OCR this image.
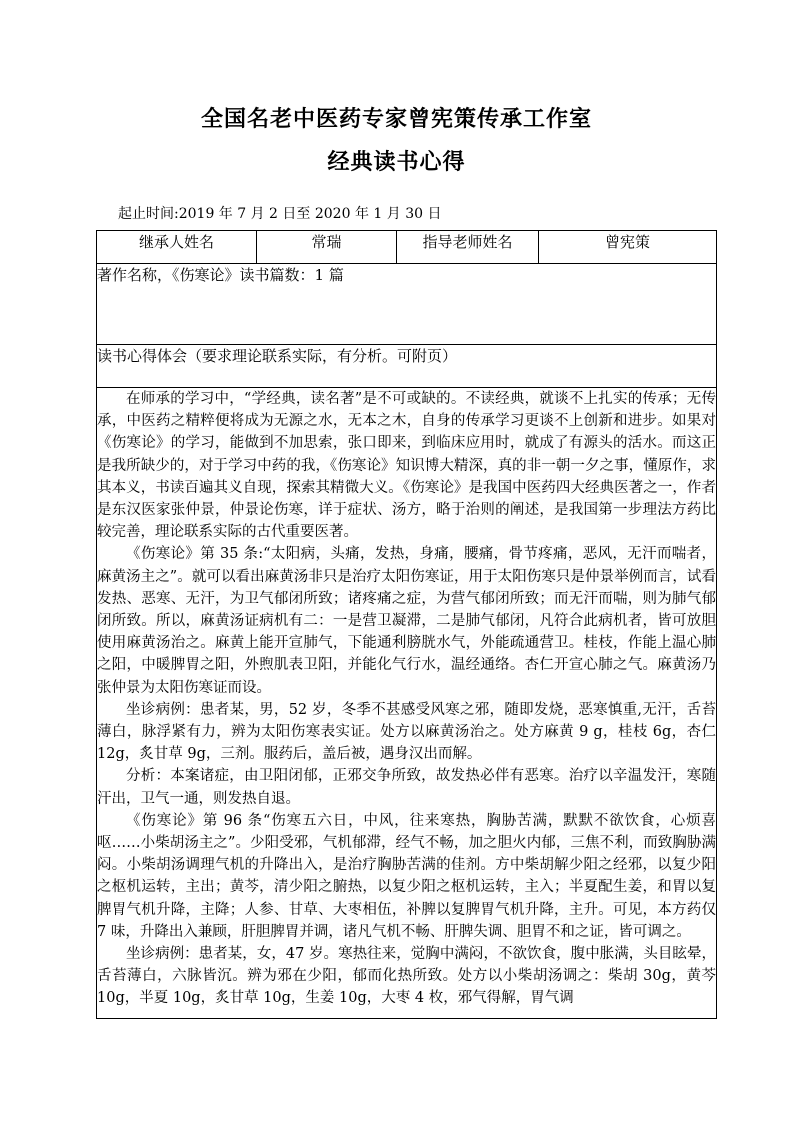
全国名老中医药专家曾宪策传承工作室
经典读书心得
起止时间:2019 年 7 月 2 日至 2020 年 1 月 30 日
继承人姓名	常瑞	指导老师姓名	曾宪策
著作名称，《伤寒论》读书篇数：1 篇
读书心得体会（要求理论联系实际，有分析。可附页）

在师承的学习中，“学经典，读名著”是不可或缺的。不读经典，就谈不上扎实的传承；无传承，中医药之精粹便将成为无源之水，无本之木，自身的传承学习更谈不上创新和进步。如果对《伤寒论》的学习，能做到不加思索，张口即来，到临床应用时，就成了有源头的活水。而这正是我所缺少的，对于学习中药的我，《伤寒论》知识博大精深，真的非一朝一夕之事，懂原作，求其本义，书读百遍其义自现，探索其精微大义。《伤寒论》是我国中医药四大经典医著之一，作者是东汉医家张仲景，仲景论伤寒，详于症状、汤方，略于治则的阐述，是我国第一步理法方药比较完善，理论联系实际的古代重要医著。

《伤寒论》第 35 条:“太阳病，头痛，发热，身痛，腰痛，骨节疼痛，恶风，无汗而喘者，麻黄汤主之”。就可以看出麻黄汤非只是治疗太阳伤寒证，用于太阳伤寒只是仲景举例而言，试看发热、恶寒、无汗，为卫气郁闭所致；诸疼痛之症，为营气郁闭所致；而无汗而喘，则为肺气郁闭所致。所以，麻黄汤证病机有二：一是营卫凝滞，二是肺气郁闭，凡符合此病机者，皆可放胆使用麻黄汤治之。麻黄上能开宣肺气，下能通利膀胱水气，外能疏通营卫。桂枝，作能上温心肺之阳，中暖脾胃之阳，外煦肌表卫阳，并能化气行水，温经通络。杏仁开宣心肺之气。麻黄汤乃张仲景为太阳伤寒证而设。

坐诊病例：患者某，男，52 岁，冬季不甚感受风寒之邪，随即发烧，恶寒慎重,无汗，舌苔薄白，脉浮紧有力，辨为太阳伤寒表实证。处方以麻黄汤治之。处方麻黄 9 g，桂枝 6g，杏仁 12g，炙甘草 9g，三剂。服药后，盖后被，遇身汉出而解。

分析：本案诸症，由卫阳闭郁，正邪交争所致，故发热必伴有恶寒。治疗以辛温发汗，寒随汗出，卫气一通，则发热自退。

《伤寒论》第 96 条“伤寒五六日，中风，往来寒热，胸胁苦满，默默不欲饮食，心烦喜呕……小柴胡汤主之”。少阳受邪，气机郁滞，经气不畅，加之胆火内郁，三焦不利，而致胸胁满闷。小柴胡汤调理气机的升降出入，是治疗胸胁苦满的佳剂。方中柴胡解少阳之经邪，以复少阳之枢机运转，主出；黄芩，清少阳之腑热，以复少阳之枢机运转，主入；半夏配生姜，和胃以复脾胃气机升降，主降；人参、甘草、大枣相伍，补脾以复脾胃气机升降，主升。可见，本方药仅 7 味，升降出入兼顾，肝胆脾胃并调，诸凡气机不畅、肝脾失调、胆胃不和之证，皆可调之。

坐诊病例：患者某，女，47 岁。寒热往来，觉胸中满闷，不欲饮食，腹中胀满，头目眩晕，舌苔薄白，六脉皆沉。辨为邪在少阳，郁而化热所致。处方以小柴胡汤调之：柴胡 30g，黄芩 10g，半夏 10g，炙甘草 10g，生姜 10g，大枣 4 枚，邪气得解，胃气调
